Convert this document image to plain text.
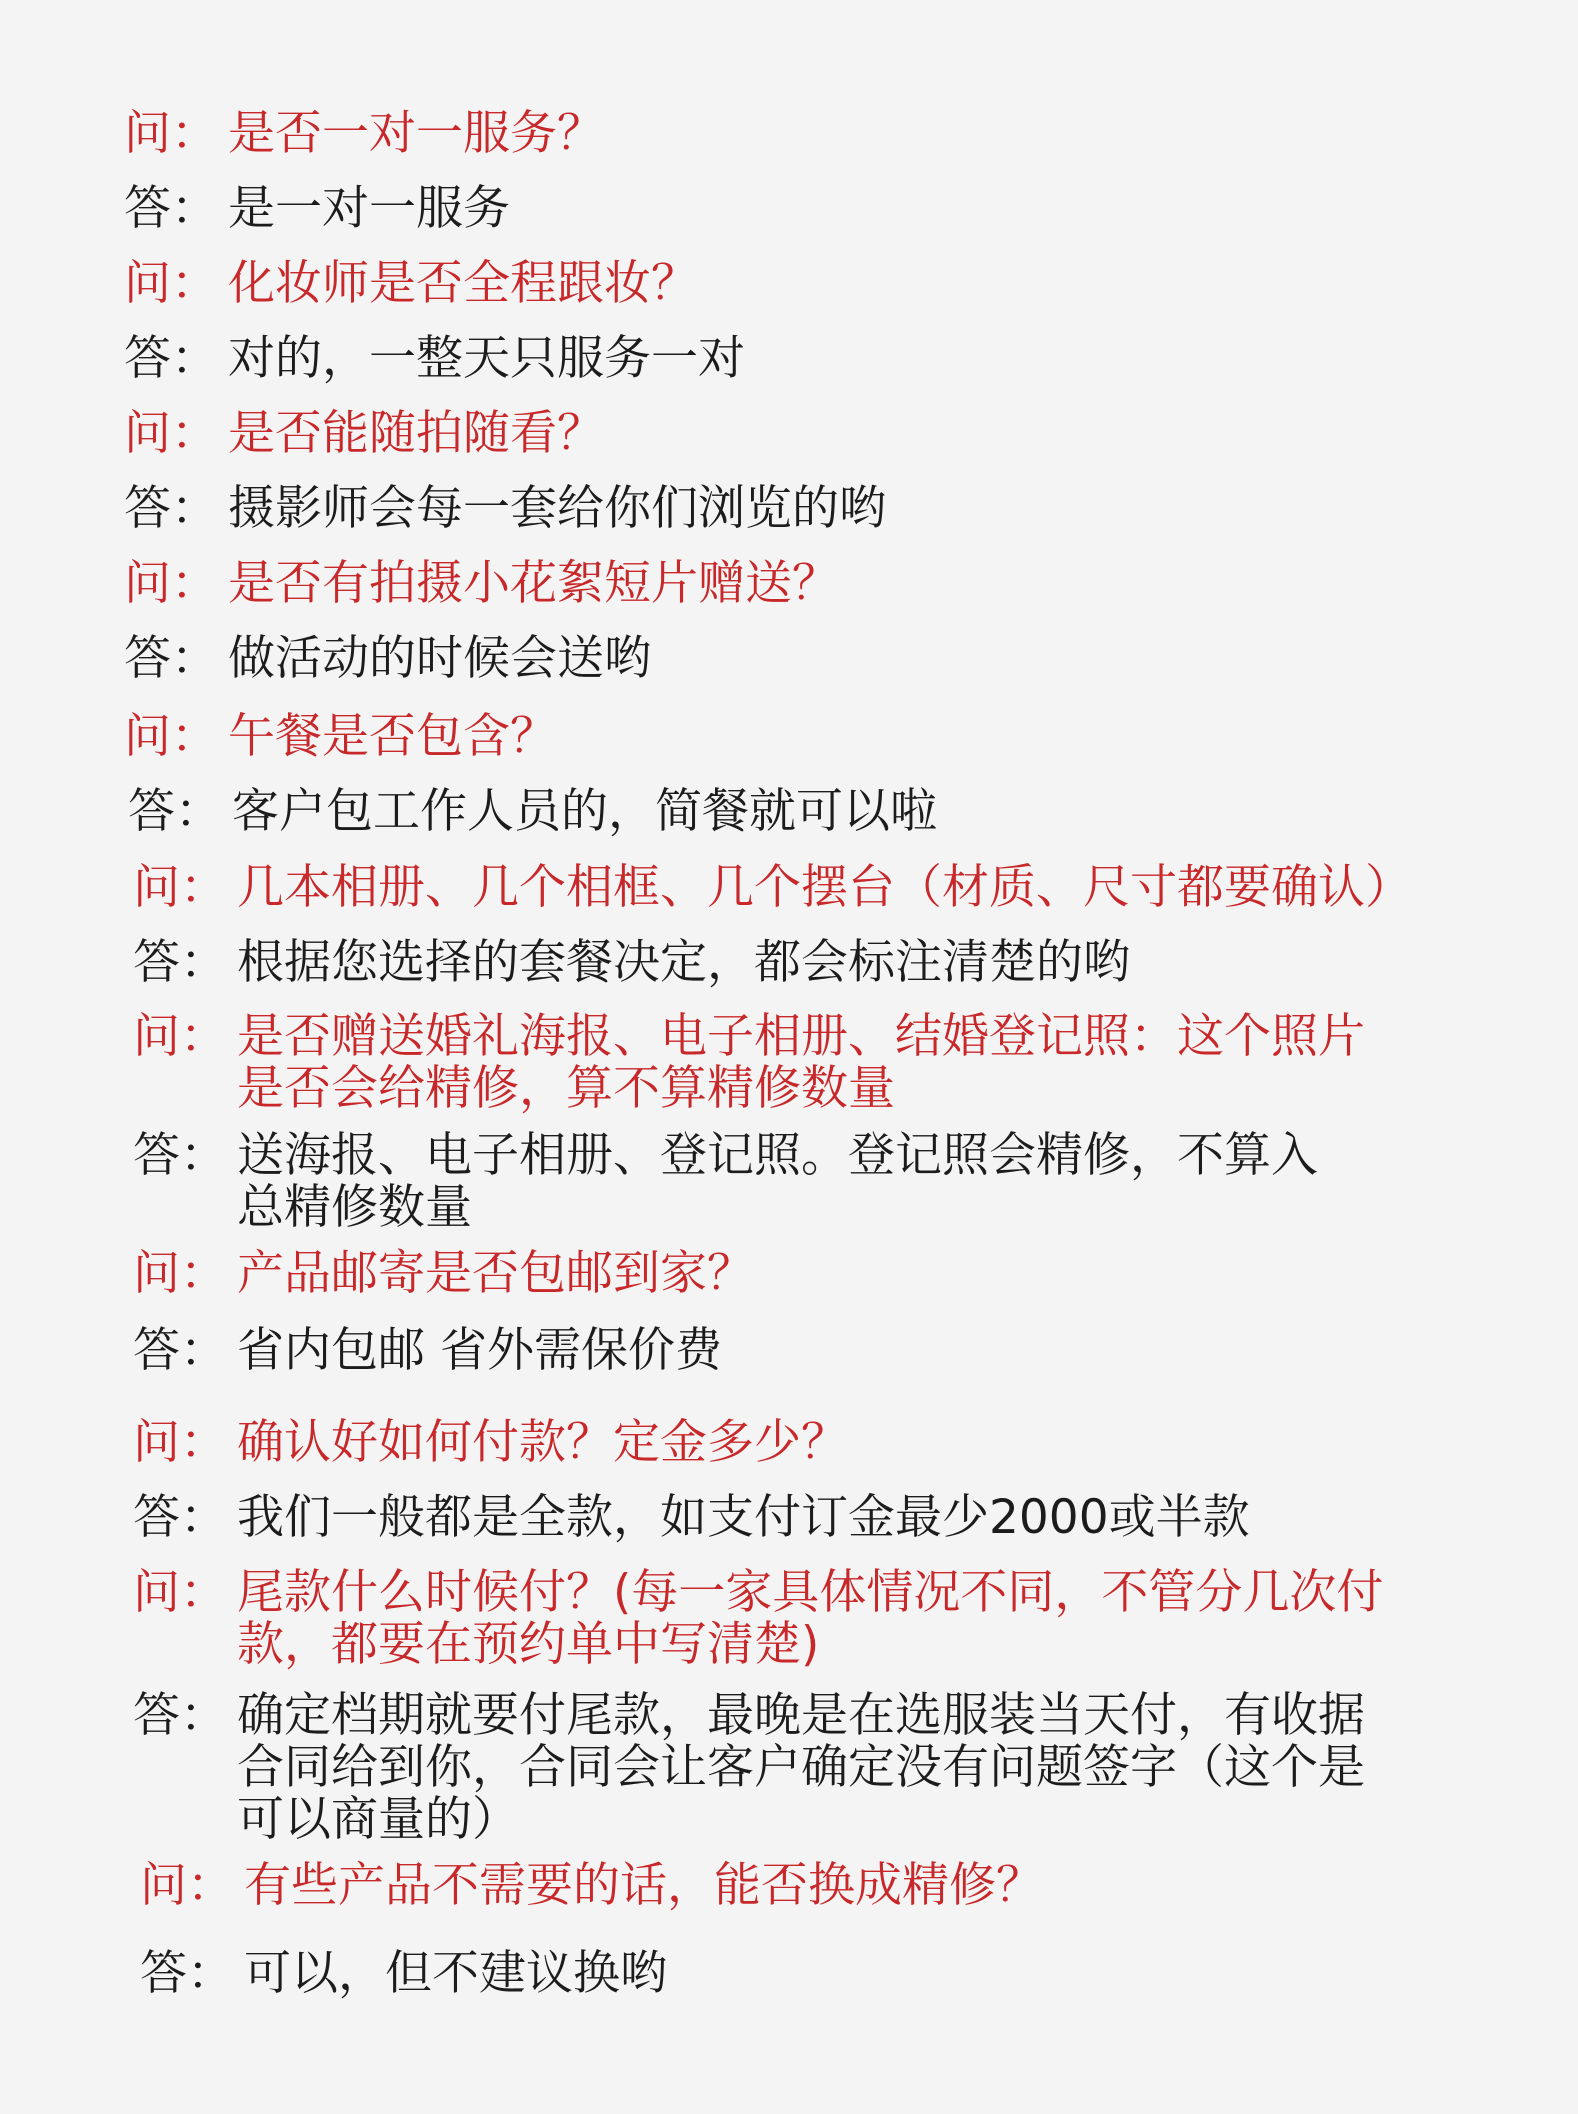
问： 是否一对一服务？
答： 是一对一服务
问： 化妆师是否全程跟妆？
答： 对的，一整天只服务一对
问： 是否能随拍随看？
答： 摄影师会每一套给你们浏览的哟
问： 是否有拍摄小花絮短片赠送？
答： 做活动的时候会送哟
问： 午餐是否包含？
答： 客户包工作人员的，简餐就可以啦
问： 几本相册、几个相框、几个摆台（材质、尺寸都要确认）
答： 根据您选择的套餐决定，都会标注清楚的哟
问： 是否赠送婚礼海报、电子相册、结婚登记照：这个照片
是否会给精修，算不算精修数量
答： 送海报、电子相册、登记照。登记照会精修，不算入
总精修数量
问： 产品邮寄是否包邮到家？
答： 省内包邮 省外需保价费
问： 确认好如何付款？定金多少？
答： 我们一般都是全款，如支付订金最少2000或半款
问： 尾款什么时候付？(每一家具体情况不同，不管分几次付
款，都要在预约单中写清楚)
答： 确定档期就要付尾款，最晚是在选服装当天付，有收据
合同给到你，合同会让客户确定没有问题签字（这个是
可以商量的）
问： 有些产品不需要的话，能否换成精修？
答： 可以，但不建议换哟
